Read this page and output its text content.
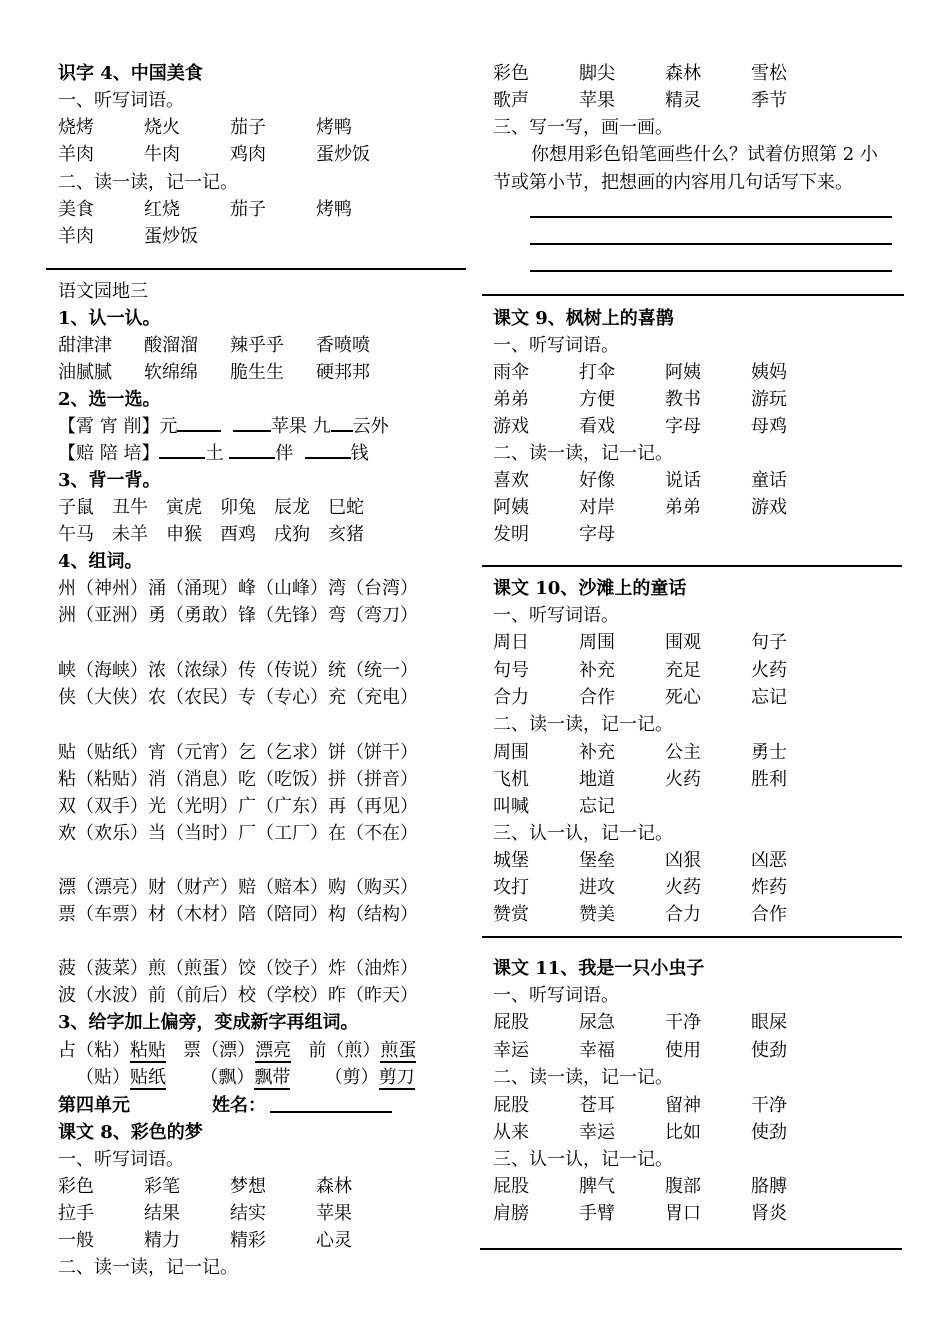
识字 4、中国美食
一、听写词语。
烧烤	烧火	茄子	烤鸭
羊肉	牛肉	鸡肉	蛋炒饭
二、读一读，记一记。
美食	红烧	茄子	烤鸭
羊肉	蛋炒饭
语文园地三
1、认一认。
甜津津 酸溜溜 辣乎乎 香喷喷
油腻腻 软绵绵 脆生生 硬邦邦
2、选一选。
【霄 宵 削】元	苹果 九 云外
【赔 陪 培】	土	伴	钱
3、背一背。
子鼠 丑牛 寅虎 卯兔 辰龙 巳蛇
午马 未羊 申猴 酉鸡 戌狗 亥猪
4、组词。
州（神州）涌（涌现）峰（山峰）湾（台湾）
洲（亚洲）勇（勇敢）锋（先锋）弯（弯刀）
峡（海峡）浓（浓绿）传（传说）统（统一）
侠（大侠）农（农民）专（专心）充（充电）
贴（贴纸）宵（元宵）乞（乞求）饼（饼干）
粘（粘贴）消（消息）吃（吃饭）拼（拼音）
双（双手）光（光明）广（广东）再（再见）
欢（欢乐）当（当时）厂（工厂）在（不在）
漂（漂亮）财（财产）赔（赔本）购（购买）
票（车票）材（木材）陪（陪同）构（结构）
菠（菠菜）煎（煎蛋）饺（饺子）炸（油炸）
波（水波）前（前后）校（学校）昨（昨天）
3、给字加上偏旁，变成新字再组词。
占（粘）粘贴 票（漂）漂亮 前（煎）煎蛋
（贴）贴纸 （飘）飘带 （剪）剪刀
第四单元	姓名：
课文 8、彩色的梦
一、听写词语。
彩色	彩笔	梦想	森林
拉手	结果	结实	苹果
一般	精力	精彩	心灵
二、读一读，记一记。
彩色	脚尖	森林	雪松
歌声	苹果	精灵	季节
三、写一写，画一画。
你想用彩色铅笔画些什么？试着仿照第 2 小
节或第小节，把想画的内容用几句话写下来。
课文 9、枫树上的喜鹊
一、听写词语。
雨伞	打伞	阿姨	姨妈
弟弟	方便	教书	游玩
游戏	看戏	字母	母鸡
二、读一读，记一记。
喜欢	好像	说话	童话
阿姨	对岸	弟弟	游戏
发明	字母
课文 10、沙滩上的童话
一、听写词语。
周日	周围	围观	句子
句号	补充	充足	火药
合力	合作	死心	忘记
二、读一读，记一记。
周围	补充	公主	勇士
飞机	地道	火药	胜利
叫喊	忘记
三、认一认，记一记。
城堡	堡垒	凶狠	凶恶
攻打	进攻	火药	炸药
赞赏	赞美	合力	合作
课文 11、我是一只小虫子
一、听写词语。
屁股	尿急	干净	眼屎
幸运	幸福	使用	使劲
二、读一读，记一记。
屁股	苍耳	留神	干净
从来	幸运	比如	使劲
三、认一认，记一记。
屁股	脾气	腹部	胳膊
肩膀	手臂	胃口	肾炎
